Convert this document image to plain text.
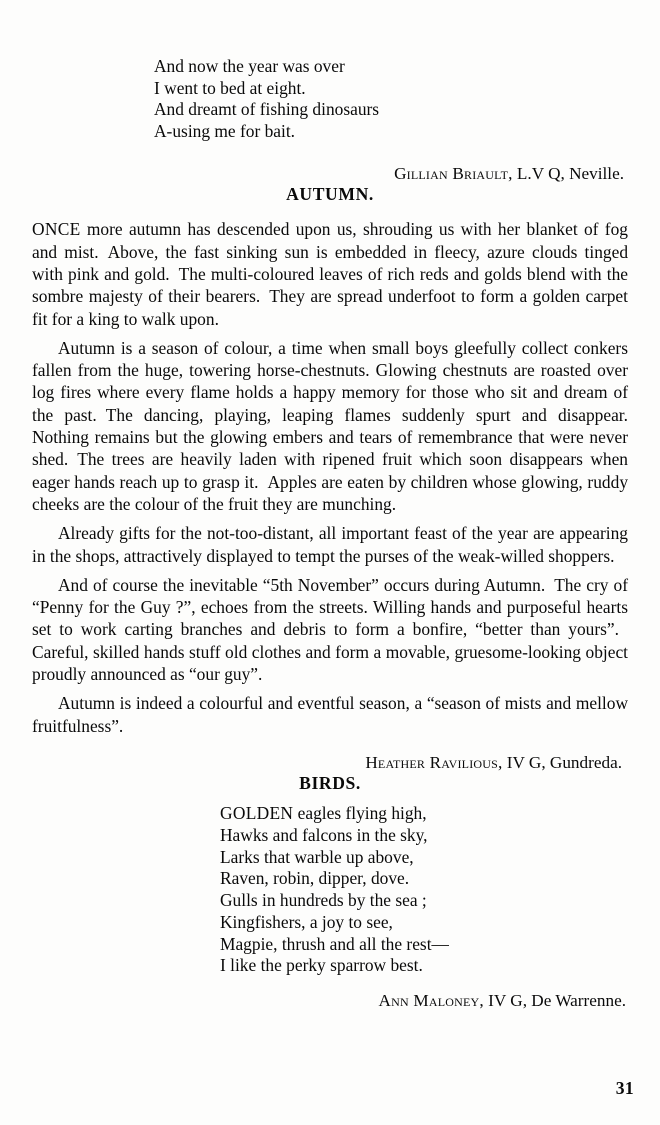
And now the year was over
I went to bed at eight.
And dreamt of fishing dinosaurs
A-using me for bait.
Gillian Briault, L.V Q, Neville.
AUTUMN.

ONCE more autumn has descended upon us, shrouding us with her blanket of fog and mist. Above, the fast sinking sun is embedded in fleecy, azure clouds tinged with pink and gold. The multi-coloured leaves of rich reds and golds blend with the sombre majesty of their bearers. They are spread underfoot to form a golden carpet fit for a king to walk upon.

Autumn is a season of colour, a time when small boys gleefully collect conkers fallen from the huge, towering horse-chestnuts. Glowing chestnuts are roasted over log fires where every flame holds a happy memory for those who sit and dream of the past. The dancing, playing, leaping flames suddenly spurt and disappear. Nothing remains but the glowing embers and tears of remembrance that were never shed. The trees are heavily laden with ripened fruit which soon disappears when eager hands reach up to grasp it. Apples are eaten by children whose glowing, ruddy cheeks are the colour of the fruit they are munching.

Already gifts for the not-too-distant, all important feast of the year are appearing in the shops, attractively displayed to tempt the purses of the weak-willed shoppers.

And of course the inevitable “5th November” occurs during Autumn. The cry of “Penny for the Guy ?”, echoes from the streets. Willing hands and purposeful hearts set to work carting branches and debris to form a bonfire, “better than yours”.Careful, skilled hands stuff old clothes and form a movable, gruesome-looking object proudly announced as “our guy”.

Autumn is indeed a colourful and eventful season, a “season of mists and mellow fruitfulness”.

Heather Ravilious, IV G, Gundreda.
BIRDS.
GOLDEN eagles flying high,
Hawks and falcons in the sky,
Larks that warble up above,
Raven, robin, dipper, dove.
Gulls in hundreds by the sea ;
Kingfishers, a joy to see,
Magpie, thrush and all the rest—
I like the perky sparrow best.
Ann Maloney, IV G, De Warrenne.
31
